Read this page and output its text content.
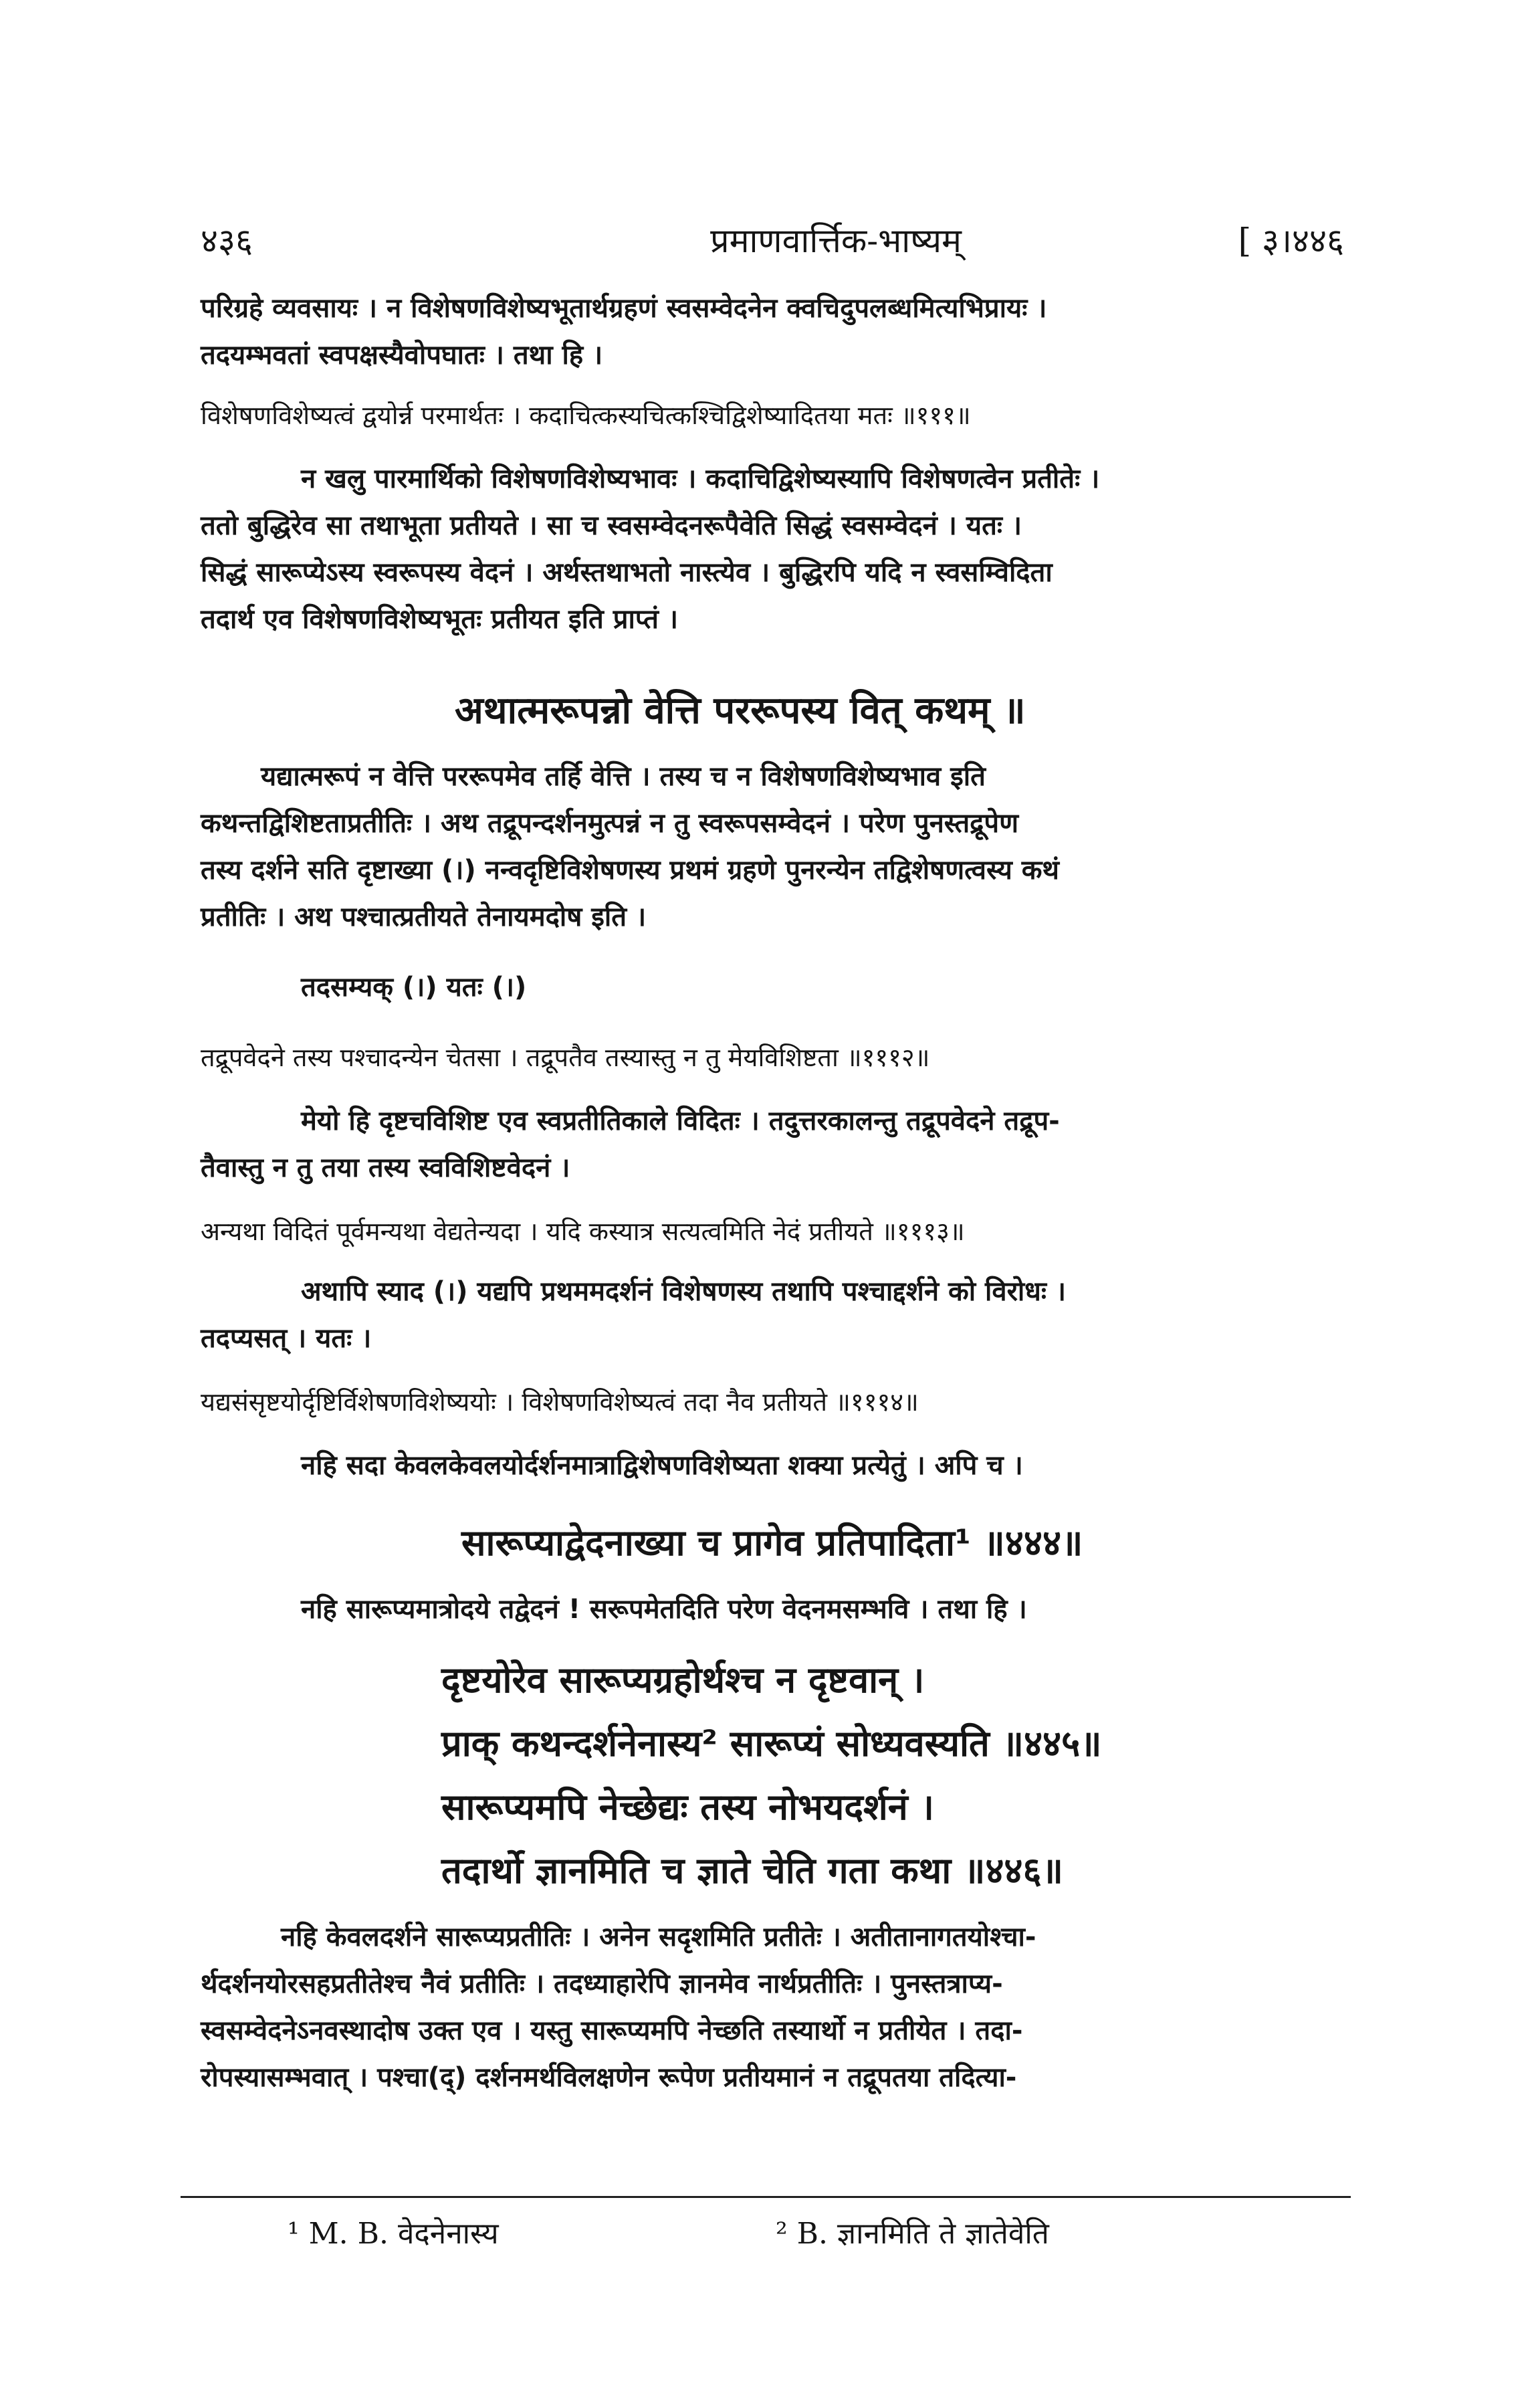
४३६	प्रमाणवार्त्तिक-भाष्यम्	[ ३।४४६
परिग्रहे व्यवसायः । न विशेषणविशेष्यभूतार्थग्रहणं स्वसम्वेदनेन क्वचिदुपलब्धमित्यभिप्रायः ।
तदयम्भवतां स्वपक्षस्यैवोपघातः । तथा हि ।
विशेषणविशेष्यत्वं द्वयोर्न्न परमार्थतः । कदाचित्कस्यचित्कश्चिद्विशेष्यादितया मतः ॥१११॥
न खलु पारमार्थिको विशेषणविशेष्यभावः । कदाचिद्विशेष्यस्यापि विशेषणत्वेन प्रतीतेः ।
ततो बुद्धिरेव सा तथाभूता प्रतीयते । सा च स्वसम्वेदनरूपैवेति सिद्धं स्वसम्वेदनं । यतः ।
सिद्धं सारूप्येऽस्य स्वरूपस्य वेदनं । अर्थस्तथाभतो नास्त्येव । बुद्धिरपि यदि न स्वसम्विदिता
तदार्थ एव विशेषणविशेष्यभूतः प्रतीयत इति प्राप्तं ।
अथात्मरूपन्नो वेत्ति पररूपस्य वित् कथम् ॥
यद्यात्मरूपं न वेत्ति पररूपमेव तर्हि वेत्ति । तस्य च न विशेषणविशेष्यभाव इति
कथन्तद्विशिष्टताप्रतीतिः । अथ तद्रूपन्दर्शनमुत्पन्नं न तु स्वरूपसम्वेदनं । परेण पुनस्तद्रूपेण
तस्य दर्शने सति दृष्टाख्या (।) नन्वदृष्टिविशेषणस्य प्रथमं ग्रहणे पुनरन्येन तद्विशेषणत्वस्य कथं
प्रतीतिः । अथ पश्चात्प्रतीयते तेनायमदोष इति ।
तदसम्यक् (।) यतः (।)
तद्रूपवेदने तस्य पश्चादन्येन चेतसा । तद्रूपतैव तस्यास्तु न तु मेयविशिष्टता ॥१११२॥
मेयो हि दृष्टचविशिष्ट एव स्वप्रतीतिकाले विदितः । तदुत्तरकालन्तु तद्रूपवेदने तद्रूप-
तैवास्तु न तु तया तस्य स्वविशिष्टवेदनं ।
अन्यथा विदितं पूर्वमन्यथा वेद्यतेन्यदा । यदि कस्यात्र सत्यत्वमिति नेदं प्रतीयते ॥१११३॥
अथापि स्याद (।) यद्यपि प्रथममदर्शनं विशेषणस्य तथापि पश्चाद्दर्शने को विरोधः ।
तदप्यसत् । यतः ।
यद्यसंसृष्टयोर्दृष्टिर्विशेषणविशेष्ययोः । विशेषणविशेष्यत्वं तदा नैव प्रतीयते ॥१११४॥
नहि सदा केवलकेवलयोर्दर्शनमात्राद्विशेषणविशेष्यता शक्या प्रत्येतुं । अपि च ।
सारूप्याद्वेदनाख्या च प्रागेव प्रतिपादिता¹ ॥४४४॥
नहि सारूप्यमात्रोदये तद्वेदनं ! सरूपमेतदिति परेण वेदनमसम्भवि । तथा हि ।
दृष्टयोरेव सारूप्यग्रहोर्थश्च न दृष्टवान् ।
प्राक् कथन्दर्शनेनास्य² सारूप्यं सोध्यवस्यति ॥४४५॥
सारूप्यमपि नेच्छेद्यः तस्य नोभयदर्शनं ।
तदार्थो ज्ञानमिति च ज्ञाते चेति गता कथा ॥४४६॥
नहि केवलदर्शने सारूप्यप्रतीतिः । अनेन सदृशमिति प्रतीतेः । अतीतानागतयोश्चा-
र्थदर्शनयोरसहप्रतीतेश्च नैवं प्रतीतिः । तदध्याहारेपि ज्ञानमेव नार्थप्रतीतिः । पुनस्तत्राप्य-
स्वसम्वेदनेऽनवस्थादोष उक्त एव । यस्तु सारूप्यमपि नेच्छति तस्यार्थो न प्रतीयेत । तदा-
रोपस्यासम्भवात् । पश्चा(द्) दर्शनमर्थविलक्षणेन रूपेण प्रतीयमानं न तद्रूपतया तदित्या-
¹ M. B. वेदनेनास्य	² B. ज्ञानमिति ते ज्ञातेवेति
